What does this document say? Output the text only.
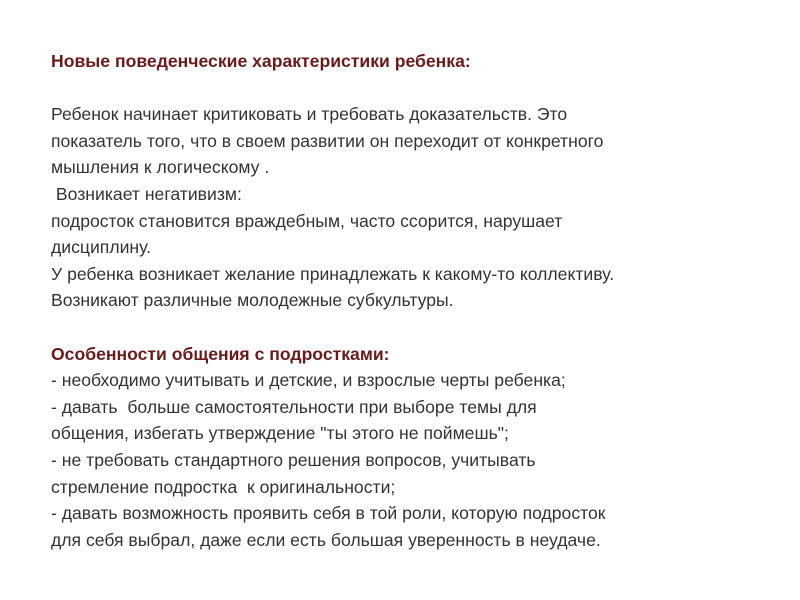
Новые поведенческие характеристики ребенка:
Ребенок начинает критиковать и требовать доказательств. Это
показатель того, что в своем развитии он переходит от конкретного
мышления к логическому .
Возникает негативизм:
подросток становится враждебным, часто ссорится, нарушает
дисциплину.
У ребенка возникает желание принадлежать к какому-то коллективу.
Возникают различные молодежные субкультуры.
Особенности общения с подростками:
- необходимо учитывать и детские, и взрослые черты ребенка;
- давать  больше самостоятельности при выборе темы для
общения, избегать утверждение "ты этого не поймешь";
- не требовать стандартного решения вопросов, учитывать
стремление подростка  к оригинальности;
- давать возможность проявить себя в той роли, которую подросток
для себя выбрал, даже если есть большая уверенность в неудаче.
